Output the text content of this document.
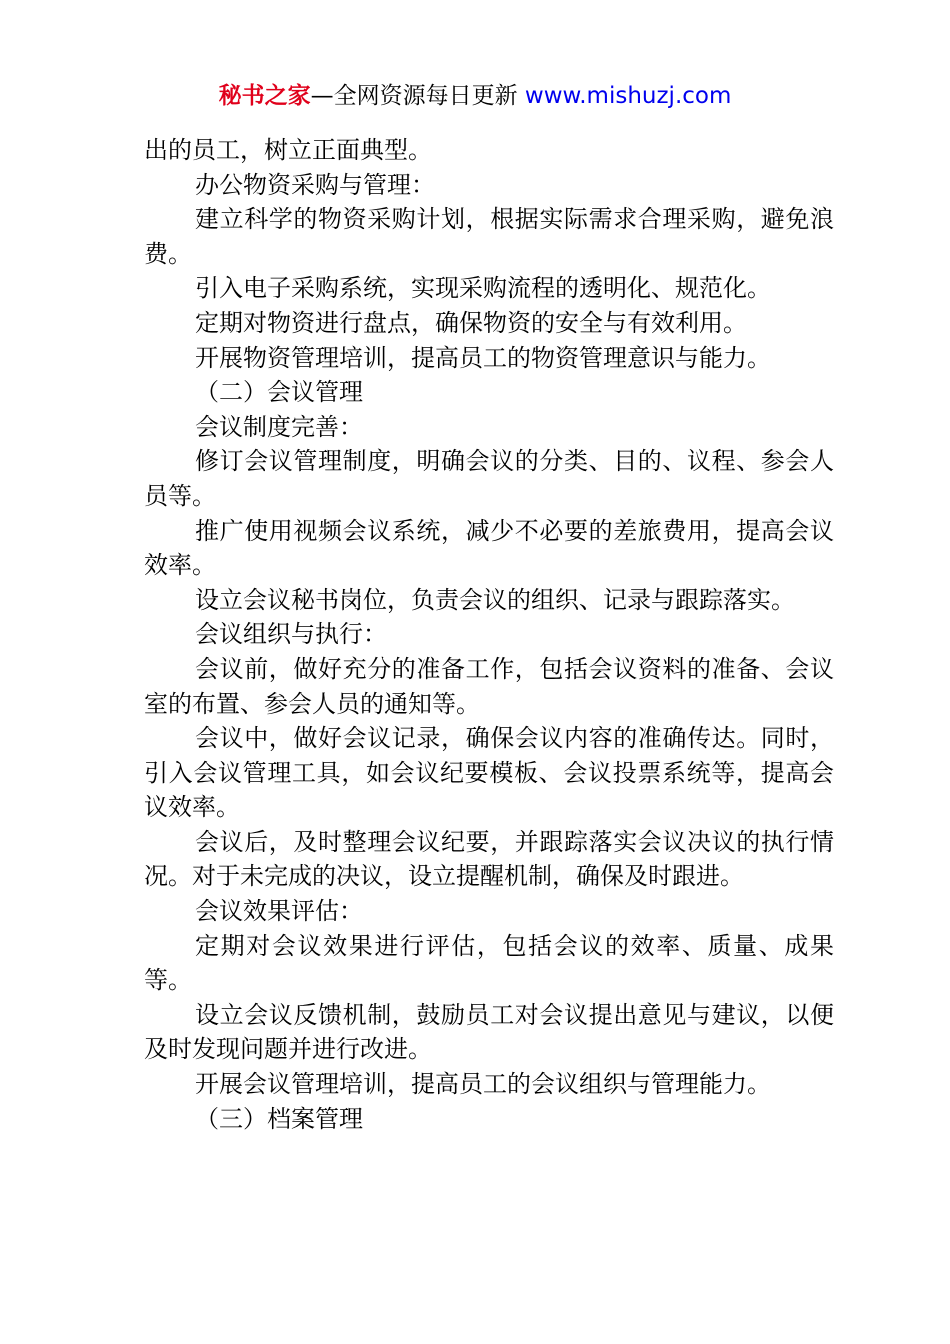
秘书之家—全网资源每日更新 www.mishuzj.com

出的员工，树立正面典型。

办公物资采购与管理：

建立科学的物资采购计划，根据实际需求合理采购，避免浪费。

引入电子采购系统，实现采购流程的透明化、规范化。

定期对物资进行盘点，确保物资的安全与有效利用。

开展物资管理培训，提高员工的物资管理意识与能力。

（二）会议管理

会议制度完善：

修订会议管理制度，明确会议的分类、目的、议程、参会人员等。

推广使用视频会议系统，减少不必要的差旅费用，提高会议效率。

设立会议秘书岗位，负责会议的组织、记录与跟踪落实。

会议组织与执行：

会议前，做好充分的准备工作，包括会议资料的准备、会议室的布置、参会人员的通知等。

会议中，做好会议记录，确保会议内容的准确传达。同时，引入会议管理工具，如会议纪要模板、会议投票系统等，提高会议效率。

会议后，及时整理会议纪要，并跟踪落实会议决议的执行情况。对于未完成的决议，设立提醒机制，确保及时跟进。

会议效果评估：

定期对会议效果进行评估，包括会议的效率、质量、成果等。

设立会议反馈机制，鼓励员工对会议提出意见与建议，以便及时发现问题并进行改进。

开展会议管理培训，提高员工的会议组织与管理能力。

（三）档案管理
